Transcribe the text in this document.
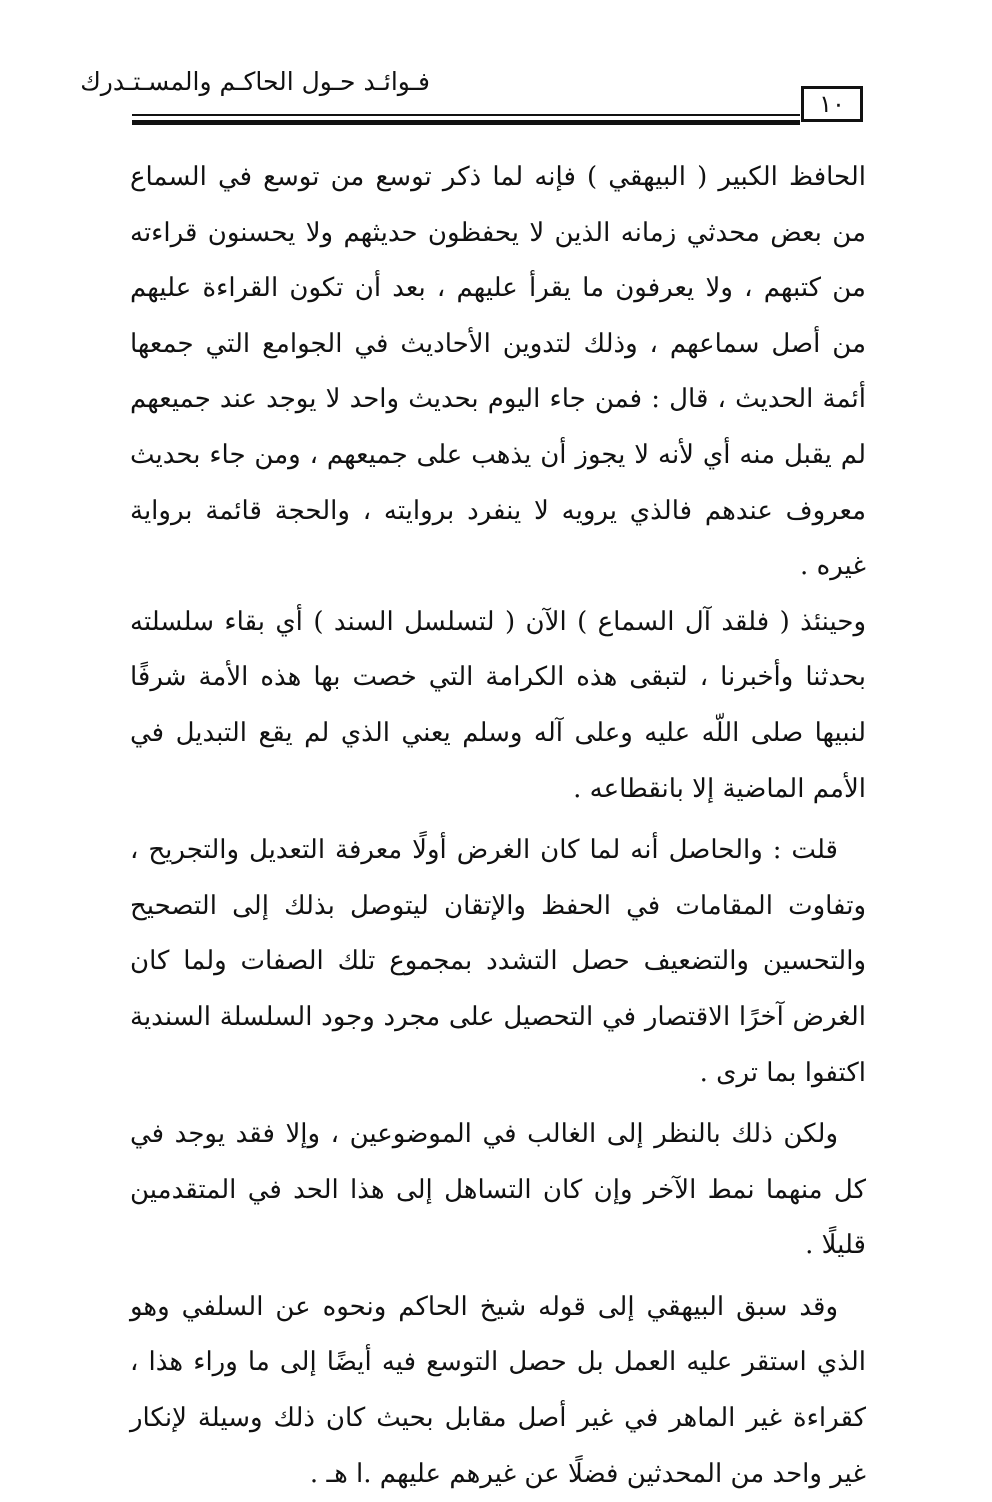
فـوائـد حـول الحاكـم والمسـتـدرك
١٠

الحافظ الكبير ( البيهقي ) فإنه لما ذكر توسع من توسع في السماع من بعض محدثي زمانه الذين لا يحفظون حديثهم ولا يحسنون قراءته من كتبهم ، ولا يعرفون ما يقرأ عليهم ، بعد أن تكون القراءة عليهم من أصل سماعهم ، وذلك لتدوين الأحاديث في الجوامع التي جمعها أئمة الحديث ، قال : فمن جاء اليوم بحديث واحد لا يوجد عند جميعهم لم يقبل منه أي لأنه لا يجوز أن يذهب على جميعهم ، ومن جاء بحديث معروف عندهم فالذي يرويه لا ينفرد بروايته ، والحجة قائمة برواية غيره .

وحينئذ ( فلقد آل السماع ) الآن ( لتسلسل السند ) أي بقاء سلسلته بحدثنا وأخبرنا ، لتبقى هذه الكرامة التي خصت بها هذه الأمة شرفًا لنبيها صلى اللّه عليه وعلى آله وسلم يعني الذي لم يقع التبديل في الأمم الماضية إلا بانقطاعه .

قلت : والحاصل أنه لما كان الغرض أولًا معرفة التعديل والتجريح ، وتفاوت المقامات في الحفظ والإتقان ليتوصل بذلك إلى التصحيح والتحسين والتضعيف حصل التشدد بمجموع تلك الصفات ولما كان الغرض آخرًا الاقتصار في التحصيل على مجرد وجود السلسلة السندية اكتفوا بما ترى .

ولكن ذلك بالنظر إلى الغالب في الموضوعين ، وإلا فقد يوجد في كل منهما نمط الآخر وإن كان التساهل إلى هذا الحد في المتقدمين قليلًا .

وقد سبق البيهقي إلى قوله شيخ الحاكم ونحوه عن السلفي وهو الذي استقر عليه العمل بل حصل التوسع فيه أيضًا إلى ما وراء هذا ، كقراءة غير الماهر في غير أصل مقابل بحيث كان ذلك وسيلة لإنكار غير واحد من المحدثين فضلًا عن غيرهم عليهم .ا هـ .
